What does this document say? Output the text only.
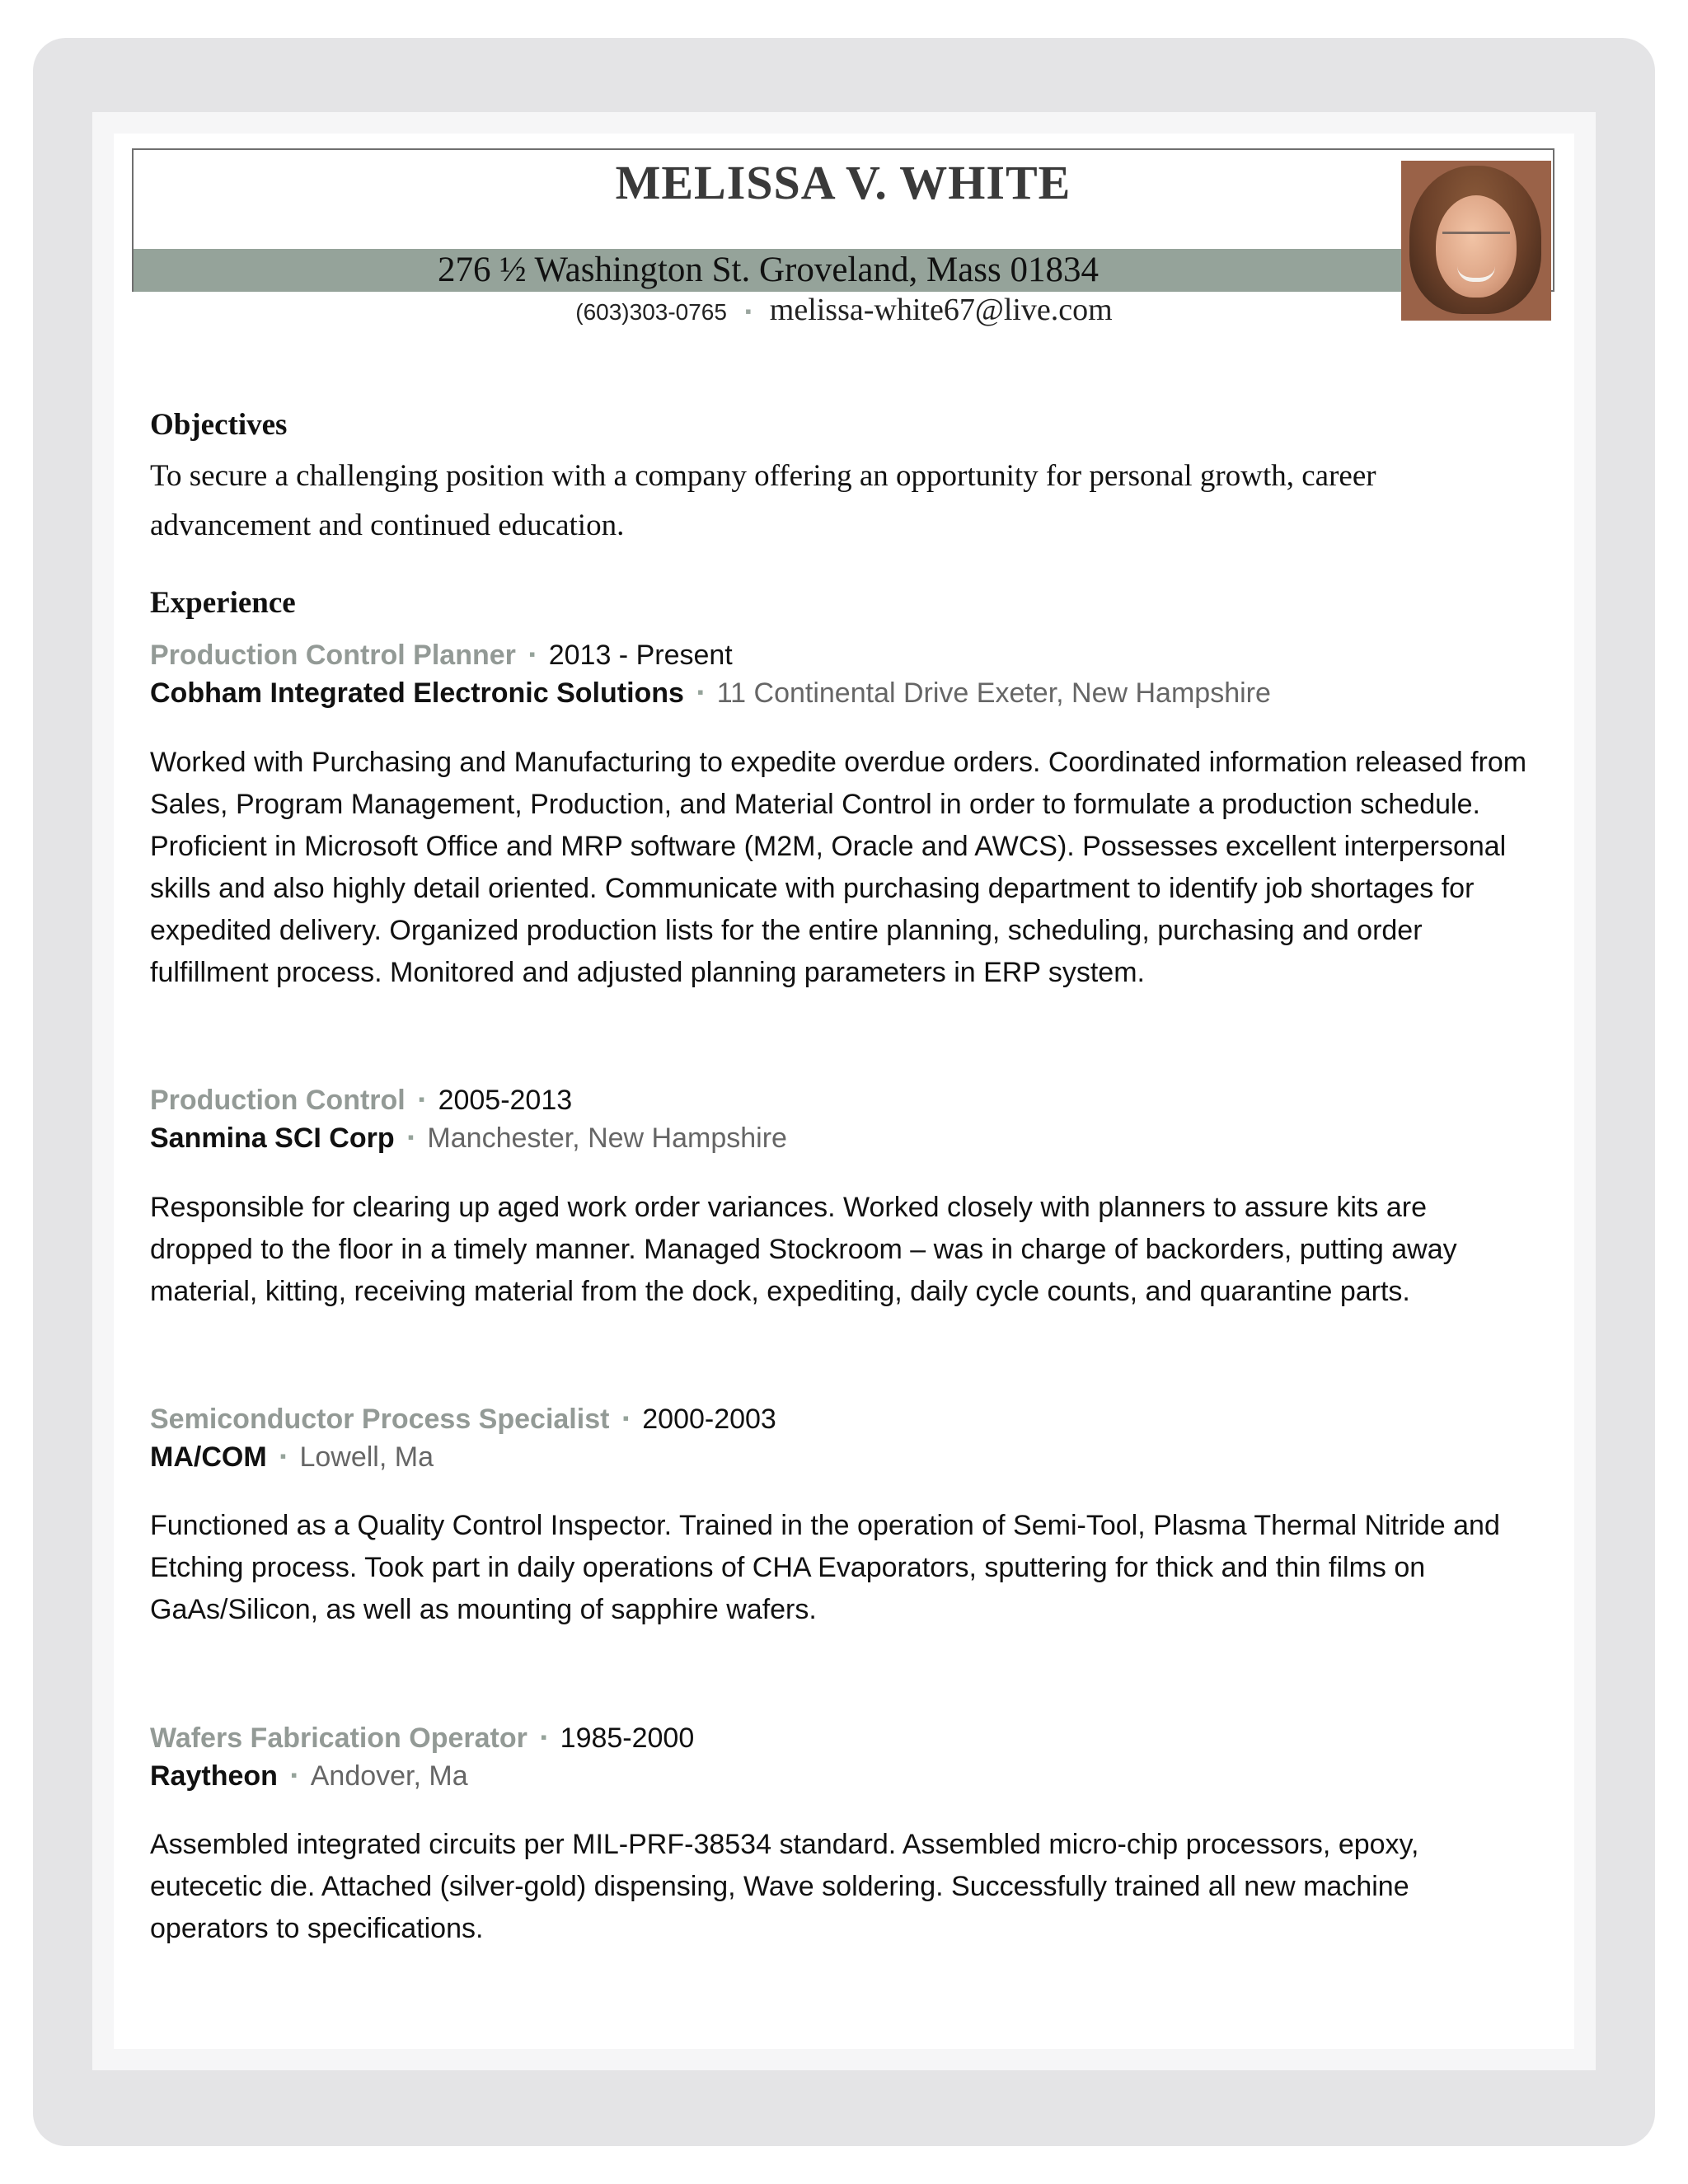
MELISSA V. WHITE
276 ½ Washington St. Groveland, Mass 01834
(603)303-0765 ▪ melissa-white67@live.com
Objectives
To secure a challenging position with a company offering an opportunity for personal growth, career advancement and continued education.
Experience
Production Control Planner ▪ 2013 - Present
Cobham Integrated Electronic Solutions ▪ 11 Continental Drive Exeter, New Hampshire
Worked with Purchasing and Manufacturing to expedite overdue orders. Coordinated information released from Sales, Program Management, Production, and Material Control in order to formulate a production schedule. Proficient in Microsoft Office and MRP software (M2M, Oracle and AWCS). Possesses excellent interpersonal skills and also highly detail oriented. Communicate with purchasing department to identify job shortages for expedited delivery. Organized production lists for the entire planning, scheduling, purchasing and order fulfillment process. Monitored and adjusted planning parameters in ERP system.
Production Control ▪ 2005-2013
Sanmina SCI Corp ▪ Manchester, New Hampshire
Responsible for clearing up aged work order variances. Worked closely with planners to assure kits are dropped to the floor in a timely manner. Managed Stockroom – was in charge of backorders, putting away material, kitting, receiving material from the dock, expediting, daily cycle counts, and quarantine parts.
Semiconductor Process Specialist ▪ 2000-2003
MA/COM ▪ Lowell, Ma
Functioned as a Quality Control Inspector. Trained in the operation of Semi-Tool, Plasma Thermal Nitride and Etching process. Took part in daily operations of CHA Evaporators, sputtering for thick and thin films on GaAs/Silicon, as well as mounting of sapphire wafers.
Wafers Fabrication Operator ▪ 1985-2000
Raytheon ▪ Andover, Ma
Assembled integrated circuits per MIL-PRF-38534 standard. Assembled micro-chip processors, epoxy, eutecetic die. Attached (silver-gold) dispensing, Wave soldering. Successfully trained all new machine operators to specifications.
